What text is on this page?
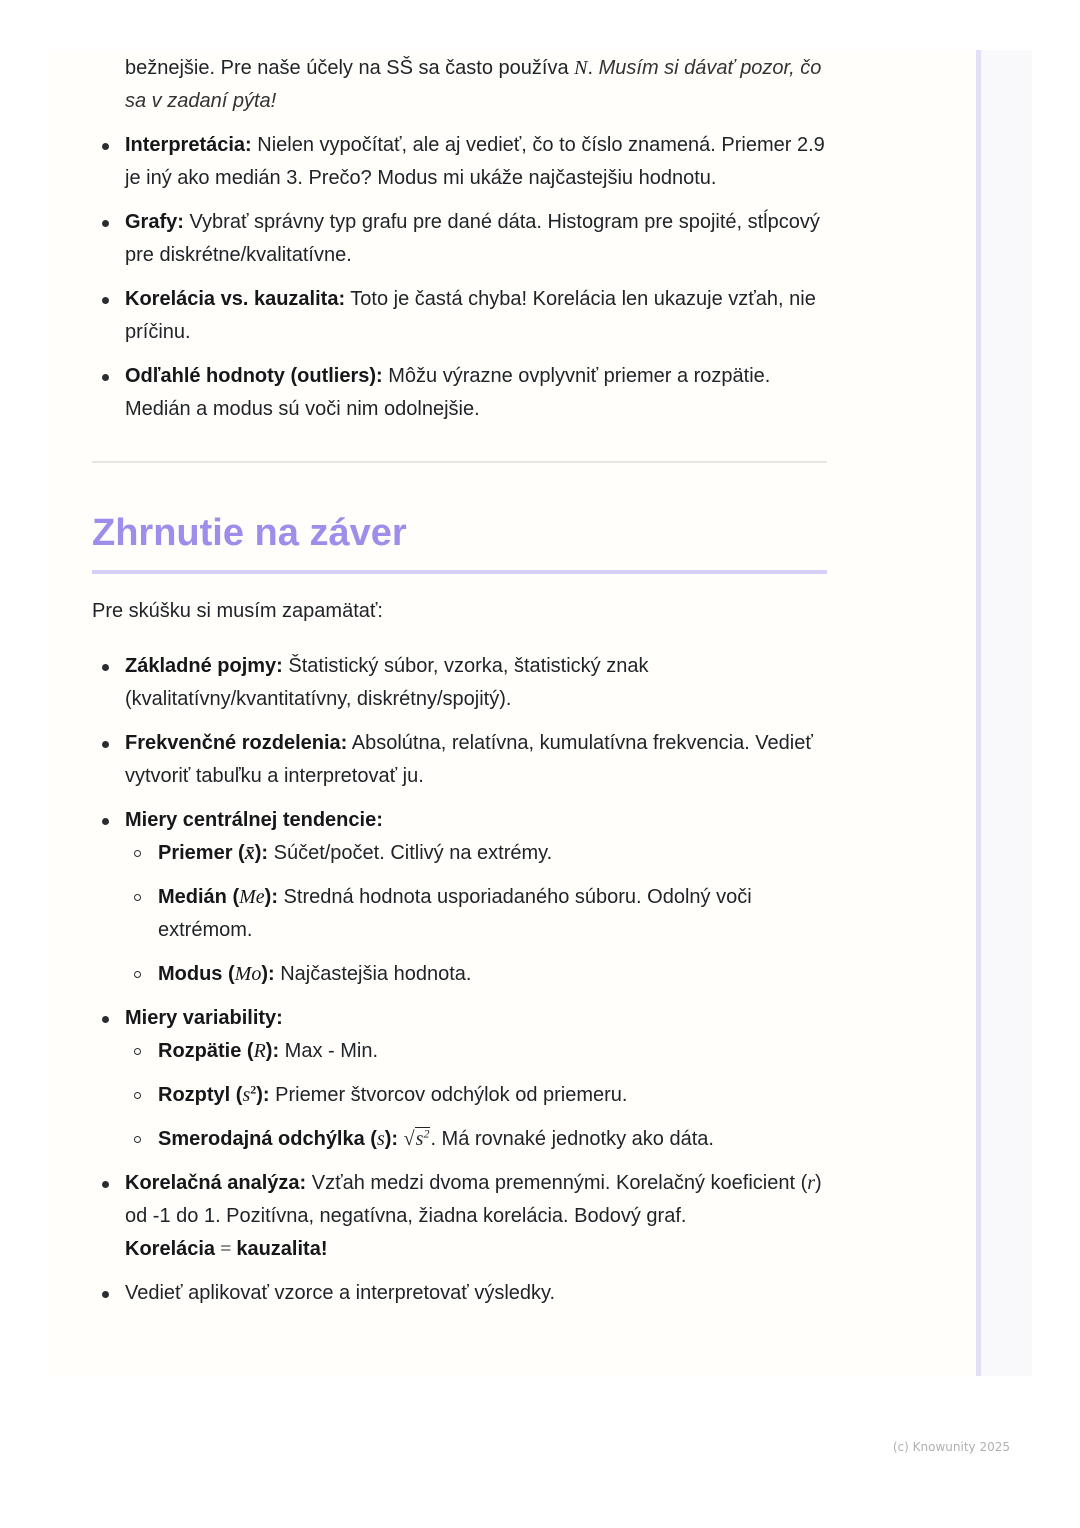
bežnejšie. Pre naše účely na SŠ sa často používa N. Musím si dávať pozor, čo sa v zadaní pýta!
Interpretácia: Nielen vypočítať, ale aj vedieť, čo to číslo znamená. Priemer 2.9 je iný ako medián 3. Prečo? Modus mi ukáže najčastejšiu hodnotu.
Grafy: Vybrať správny typ grafu pre dané dáta. Histogram pre spojité, stĺpcový pre diskrétne/kvalitatívne.
Korelácia vs. kauzalita: Toto je častá chyba! Korelácia len ukazuje vzťah, nie príčinu.
Odľahlé hodnoty (outliers): Môžu výrazne ovplyvniť priemer a rozpätie. Medián a modus sú voči nim odolnejšie.
Zhrnutie na záver

Pre skúšku si musím zapamätať:

Základné pojmy: Štatistický súbor, vzorka, štatistický znak (kvalitatívny/kvantitatívny, diskrétny/spojitý).
Frekvenčné rozdelenia: Absolútna, relatívna, kumulatívna frekvencia. Vedieť vytvoriť tabuľku a interpretovať ju.
Miery centrálnej tendencie:
Priemer (x̄): Súčet/počet. Citlivý na extrémy.
Medián (Me): Stredná hodnota usporiadaného súboru. Odolný voči extrémom.
Modus (Mo): Najčastejšia hodnota.
Miery variability:
Rozpätie (R): Max - Min.
Rozptyl $(s^2)$: Priemer štvorcov odchýlok od priemeru.
Smerodajná odchýlka (s): $√s^2$. Má rovnaké jednotky ako dáta.
Korelačná analýza: Vzťah medzi dvoma premennými. Korelačný koeficient (r) od -1 do 1. Pozitívna, negatívna, žiadna korelácia. Bodový graf.
Korelácia = kauzalita!
Vedieť aplikovať vzorce a interpretovať výsledky.
(c) Knowunity 2025
